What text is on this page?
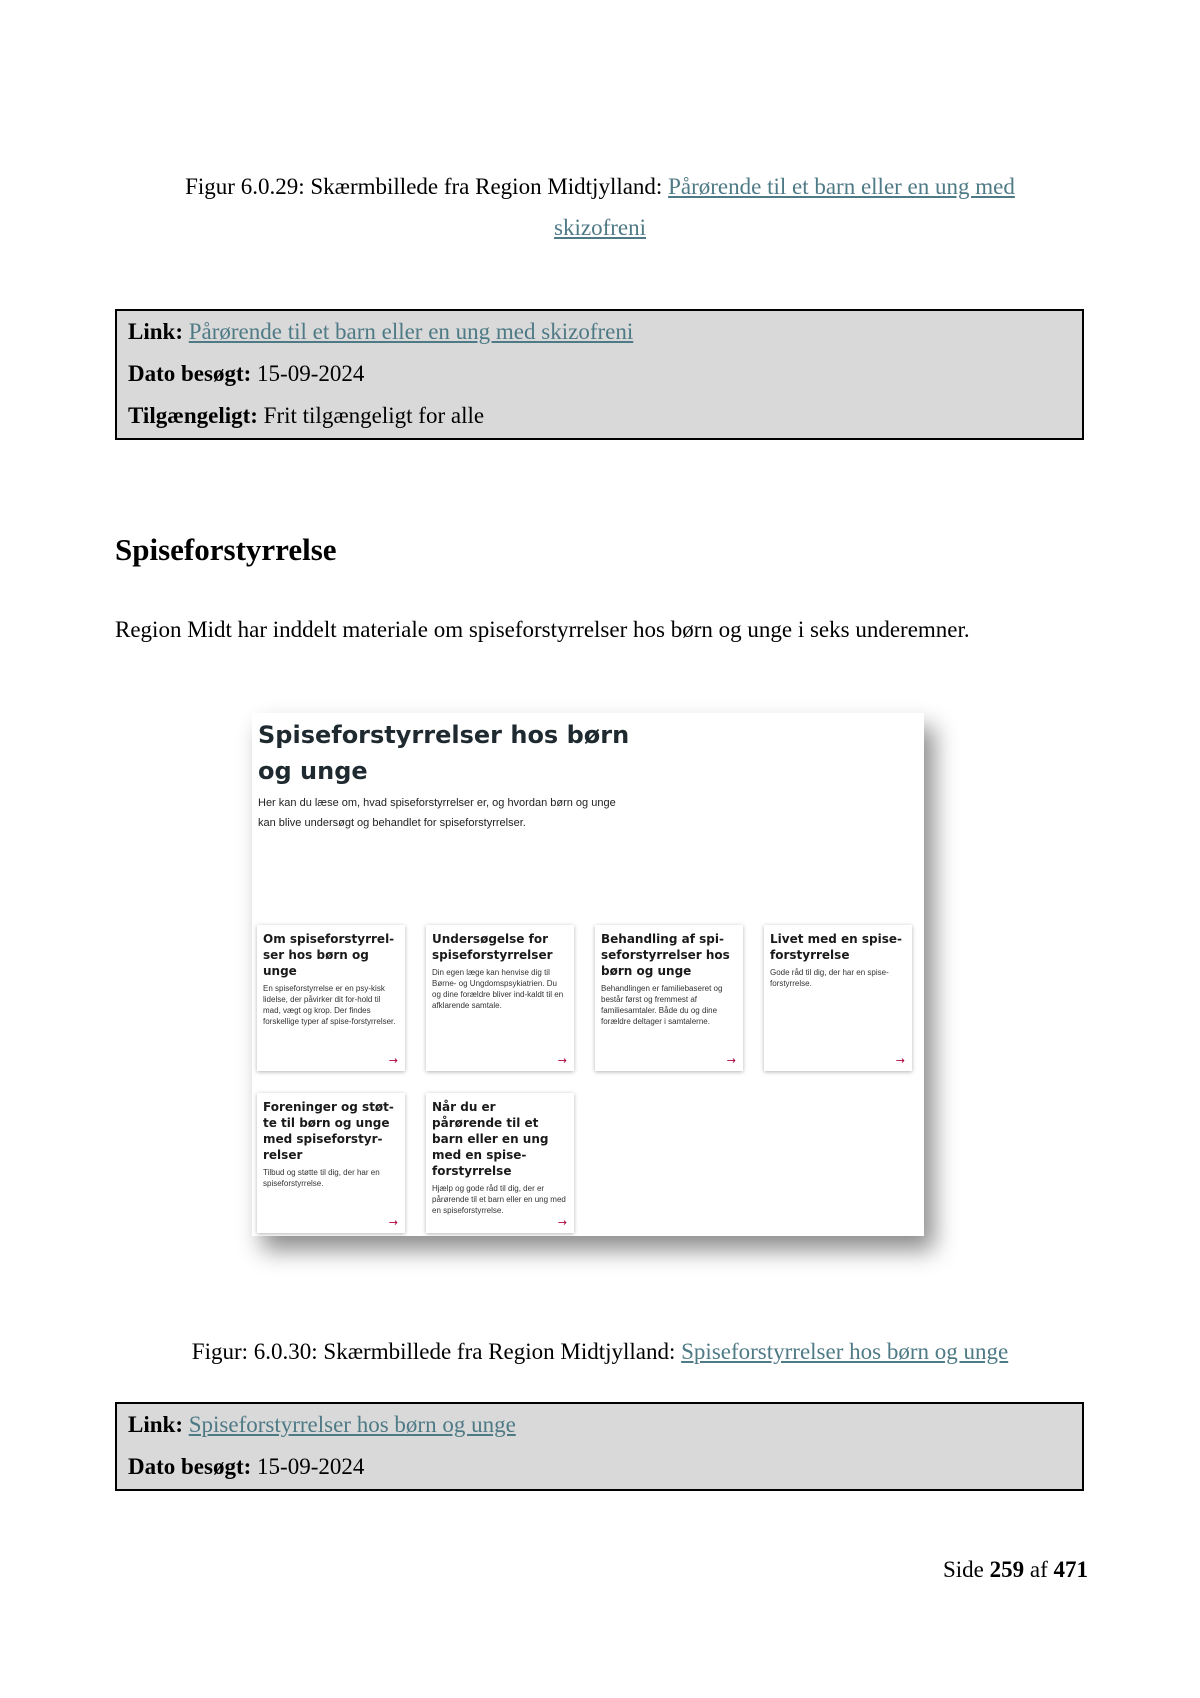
Figur 6.0.29: Skærmbillede fra Region Midtjylland: Pårørende til et barn eller en ung med
skizofreni
Link: Pårørende til et barn eller en ung med skizofreni
Dato besøgt: 15-09-2024
Tilgængeligt: Frit tilgængeligt for alle
Spiseforstyrrelse

Region Midt har inddelt materiale om spiseforstyrrelser hos børn og unge i seks underemner.

Spiseforstyrrelser hos børn og unge

Her kan du læse om, hvad spiseforstyrrelser er, og hvordan børn og unge kan blive undersøgt og behandlet for spiseforstyrrelser.

Om spiseforstyrrel-ser hos børn og unge

En spiseforstyrrelse er en psy-kisk lidelse, der påvirker dit for-hold til mad, vægt og krop. Der findes forskellige typer af spise-forstyrrelser.

→

Undersøgelse for spiseforstyrrelser

Din egen læge kan henvise dig til Børne- og Ungdomspsykiatrien. Du og dine forældre bliver ind-kaldt til en afklarende samtale.

→

Behandling af spi-seforstyrrelser hos børn og unge

Behandlingen er familiebaseret og består først og fremmest af familiesamtaler. Både du og dine forældre deltager i samtalerne.

→

Livet med en spise-forstyrrelse

Gode råd til dig, der har en spise-forstyrrelse.

→

Foreninger og støt-te til børn og unge med spiseforstyr-relser

Tilbud og støtte til dig, der har en spiseforstyrrelse.

→

Når du er pårørende til et barn eller en ung med en spise-forstyrrelse

Hjælp og gode råd til dig, der er pårørende til et barn eller en ung med en spiseforstyrrelse.

→
Figur: 6.0.30: Skærmbillede fra Region Midtjylland: Spiseforstyrrelser hos børn og unge
Link: Spiseforstyrrelser hos børn og unge
Dato besøgt: 15-09-2024
Side 259 af 471
